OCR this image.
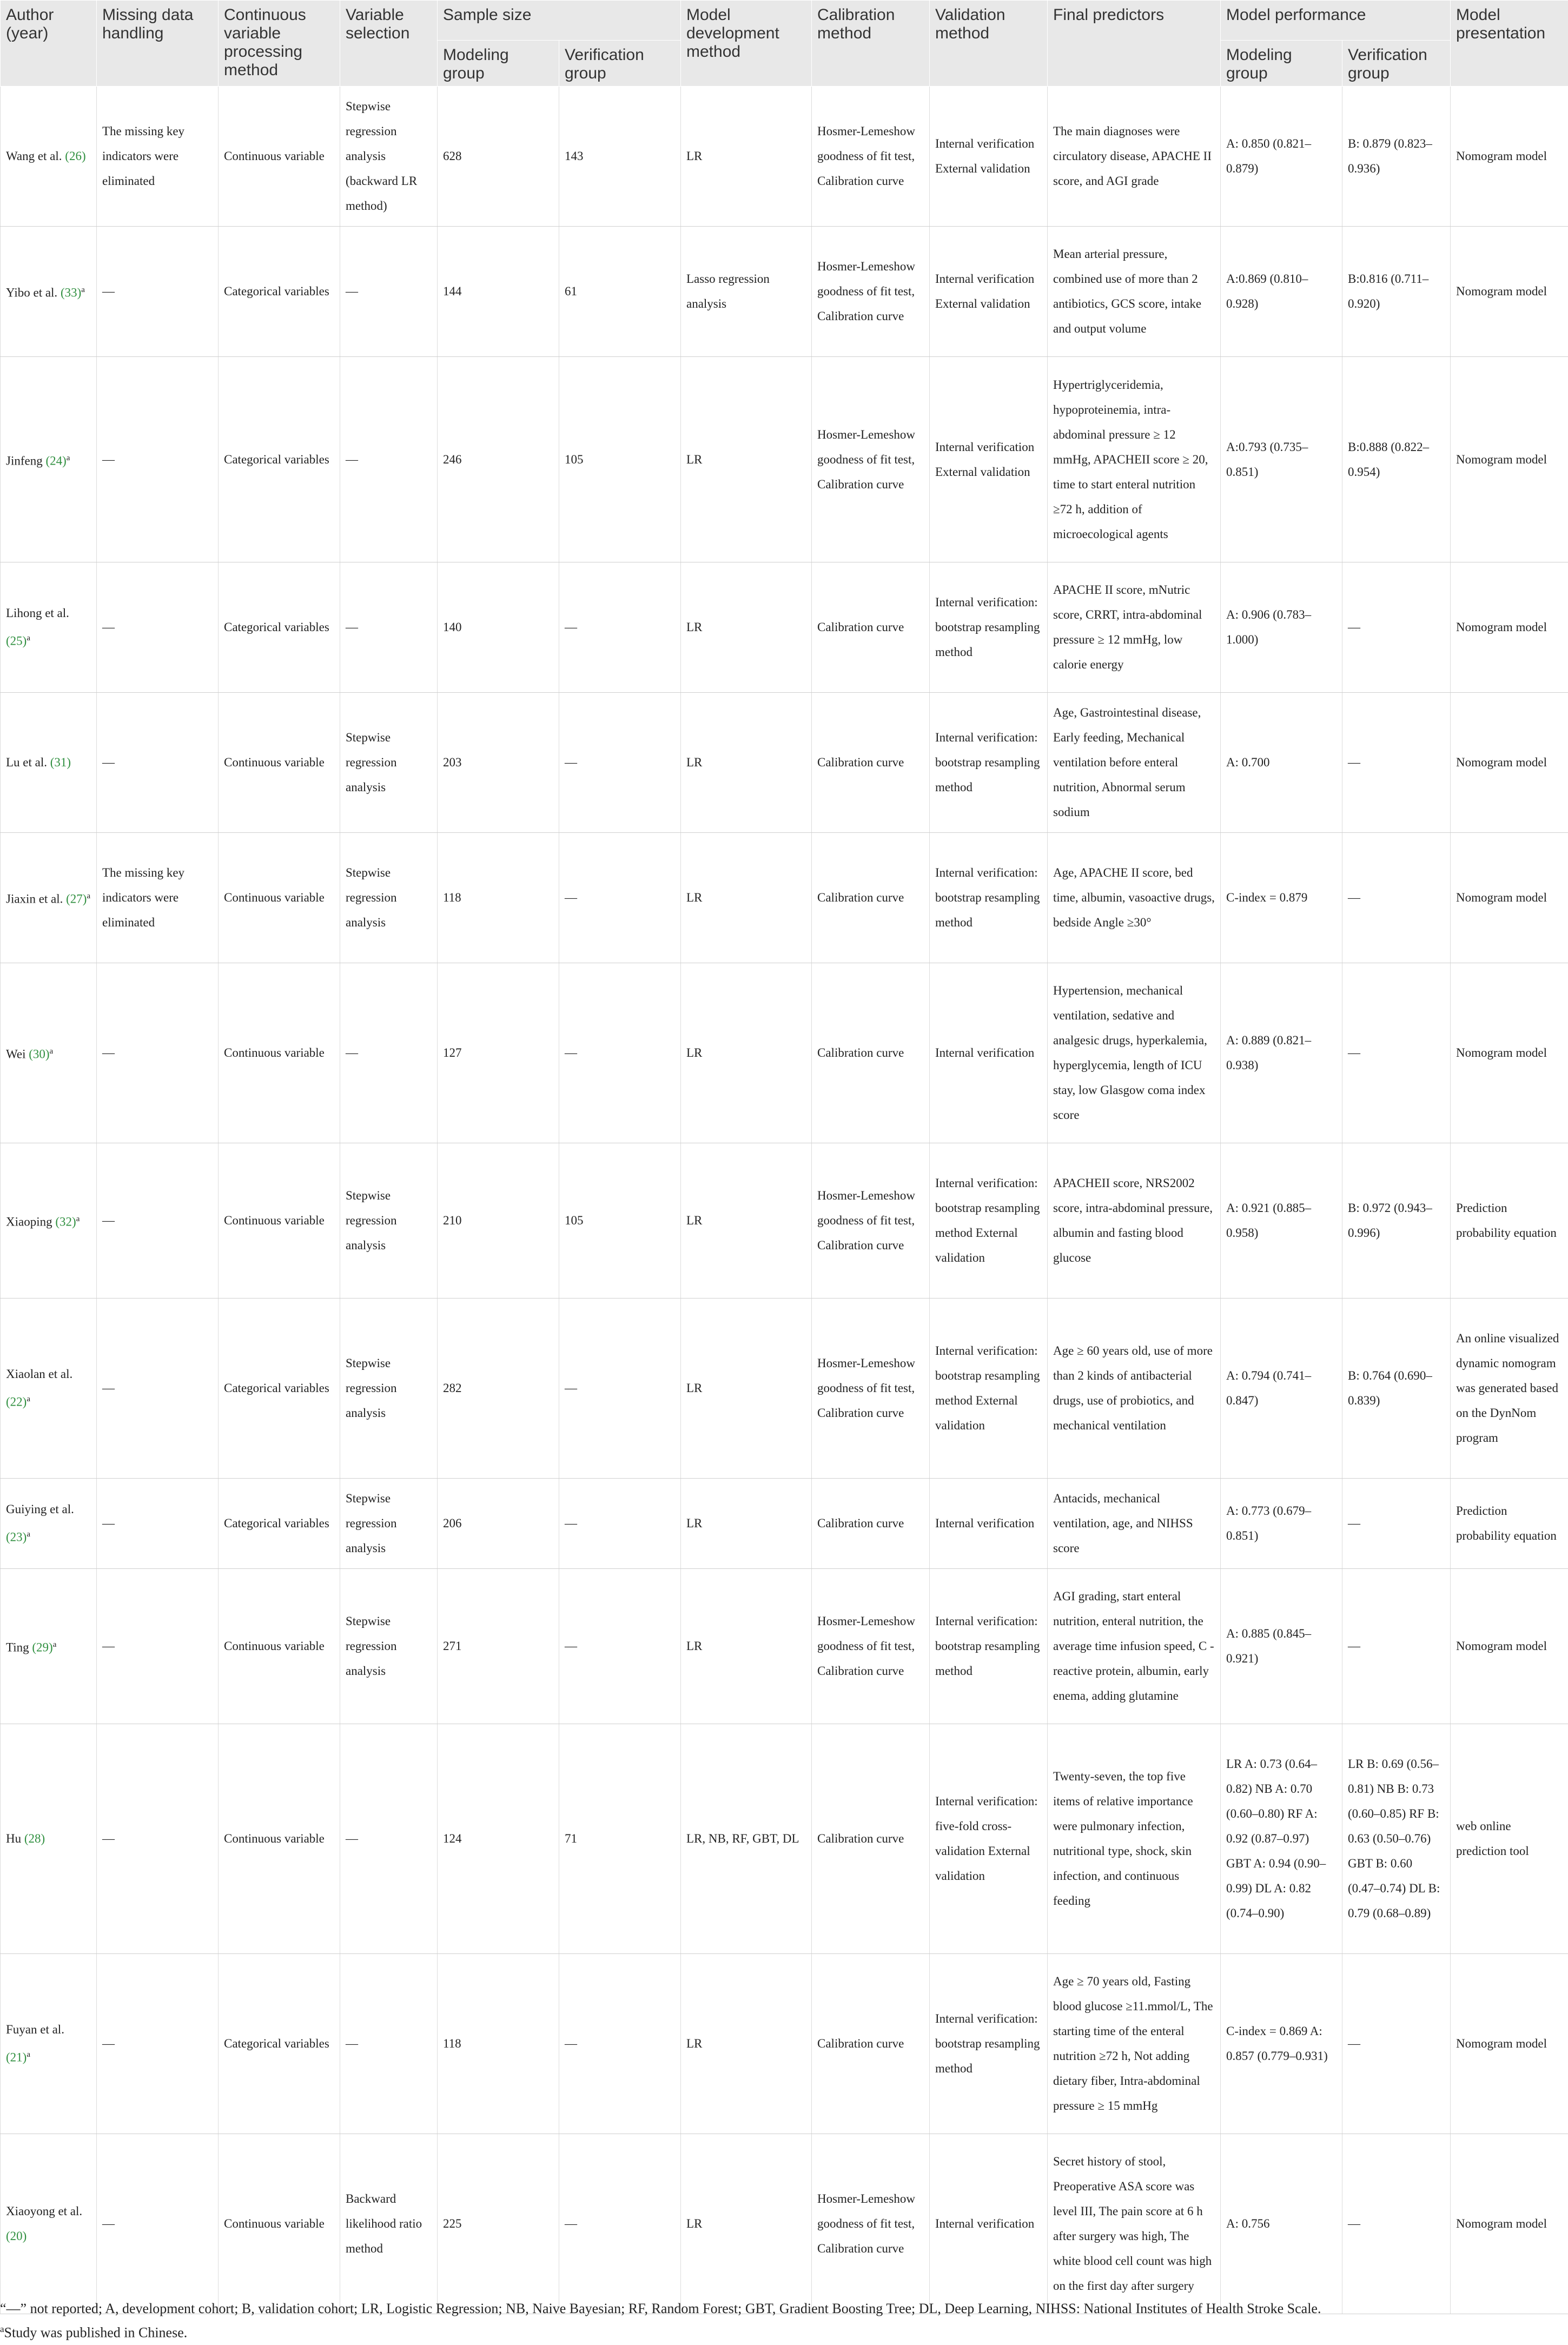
Author (year)	Missing data handling	Continuous variable processing method	Variable selection	Sample size		Model development method	Calibration method	Validation method	Final predictors	Model performance		Model presentation
				Modeling group	Verification group					Modeling group	Verification group	
Wang et al. (26)	The missing key indicators were eliminated	Continuous variable	Stepwise regression analysis (backward LR method)	628	143	LR	Hosmer-Lemeshow goodness of fit test, Calibration curve	Internal verification External validation	The main diagnoses were circulatory disease, APACHE II score, and AGI grade	A: 0.850 (0.821–0.879)	B: 0.879 (0.823–0.936)	Nomogram model
Yibo et al. $(33)^a$	—	Categorical variables	—	144	61	Lasso regression analysis	Hosmer-Lemeshow goodness of fit test, Calibration curve	Internal verification External validation	Mean arterial pressure, combined use of more than 2 antibiotics, GCS score, intake and output volume	A:0.869 (0.810–0.928)	B:0.816 (0.711–0.920)	Nomogram model
Jinfeng $(24)^a$	—	Categorical variables	—	246	105	LR	Hosmer-Lemeshow goodness of fit test, Calibration curve	Internal verification External validation	Hypertriglyceridemia, hypoproteinemia, intra-abdominal pressure ≥ 12 mmHg, APACHEII score ≥ 20, time to start enteral nutrition ≥72 h, addition of microecological agents	A:0.793 (0.735–0.851)	B:0.888 (0.822–0.954)	Nomogram model
Lihong et al. $(25)^a$	—	Categorical variables	—	140	—	LR	Calibration curve	Internal verification: bootstrap resampling method	APACHE II score, mNutric score, CRRT, intra-abdominal pressure ≥ 12 mmHg, low calorie energy	A: 0.906 (0.783–1.000)	—	Nomogram model
Lu et al. (31)	—	Continuous variable	Stepwise regression analysis	203	—	LR	Calibration curve	Internal verification: bootstrap resampling method	Age, Gastrointestinal disease, Early feeding, Mechanical ventilation before enteral nutrition, Abnormal serum sodium	A: 0.700	—	Nomogram model
Jiaxin et al. $(27)^a$	The missing key indicators were eliminated	Continuous variable	Stepwise regression analysis	118	—	LR	Calibration curve	Internal verification: bootstrap resampling method	Age, APACHE II score, bed time, albumin, vasoactive drugs, bedside Angle ≥30°	C-index = 0.879	—	Nomogram model
Wei $(30)^a$	—	Continuous variable	—	127	—	LR	Calibration curve	Internal verification	Hypertension, mechanical ventilation, sedative and analgesic drugs, hyperkalemia, hyperglycemia, length of ICU stay, low Glasgow coma index score	A: 0.889 (0.821–0.938)	—	Nomogram model
Xiaoping $(32)^a$	—	Continuous variable	Stepwise regression analysis	210	105	LR	Hosmer-Lemeshow goodness of fit test, Calibration curve	Internal verification: bootstrap resampling method External validation	APACHEII score, NRS2002 score, intra-abdominal pressure, albumin and fasting blood glucose	A: 0.921 (0.885–0.958)	B: 0.972 (0.943–0.996)	Prediction probability equation
Xiaolan et al. $(22)^a$	—	Categorical variables	Stepwise regression analysis	282	—	LR	Hosmer-Lemeshow goodness of fit test, Calibration curve	Internal verification: bootstrap resampling method External validation	Age ≥ 60 years old, use of more than 2 kinds of antibacterial drugs, use of probiotics, and mechanical ventilation	A: 0.794 (0.741–0.847)	B: 0.764 (0.690–0.839)	An online visualized dynamic nomogram was generated based on the DynNom program
Guiying et al. $(23)^a$	—	Categorical variables	Stepwise regression analysis	206	—	LR	Calibration curve	Internal verification	Antacids, mechanical ventilation, age, and NIHSS score	A: 0.773 (0.679–0.851)	—	Prediction probability equation
Ting $(29)^a$	—	Continuous variable	Stepwise regression analysis	271	—	LR	Hosmer-Lemeshow goodness of fit test, Calibration curve	Internal verification: bootstrap resampling method	AGI grading, start enteral nutrition, enteral nutrition, the average time infusion speed, C - reactive protein, albumin, early enema, adding glutamine	A: 0.885 (0.845–0.921)	—	Nomogram model
Hu (28)	—	Continuous variable	—	124	71	LR, NB, RF, GBT, DL	Calibration curve	Internal verification: five-fold cross-validation External validation	Twenty-seven, the top five items of relative importance were pulmonary infection, nutritional type, shock, skin infection, and continuous feeding	LR A: 0.73 (0.64–0.82) NB A: 0.70 (0.60–0.80) RF A: 0.92 (0.87–0.97) GBT A: 0.94 (0.90–0.99) DL A: 0.82 (0.74–0.90)	LR B: 0.69 (0.56–0.81) NB B: 0.73 (0.60–0.85) RF B: 0.63 (0.50–0.76) GBT B: 0.60 (0.47–0.74) DL B: 0.79 (0.68–0.89)	web online prediction tool
Fuyan et al. $(21)^a$	—	Categorical variables	—	118	—	LR	Calibration curve	Internal verification: bootstrap resampling method	Age ≥ 70 years old, Fasting blood glucose ≥11.mmol/L, The starting time of the enteral nutrition ≥72 h, Not adding dietary fiber, Intra-abdominal pressure ≥ 15 mmHg	C-index = 0.869 A: 0.857 (0.779–0.931)	—	Nomogram model
Xiaoyong et al. (20)	—	Continuous variable	Backward likelihood ratio method	225	—	LR	Hosmer-Lemeshow goodness of fit test, Calibration curve	Internal verification	Secret history of stool, Preoperative ASA score was level III, The pain score at 6 h after surgery was high, The white blood cell count was high on the first day after surgery	A: 0.756	—	Nomogram model
“—” not reported; A, development cohort; B, validation cohort; LR, Logistic Regression; NB, Naive Bayesian; RF, Random Forest; GBT, Gradient Boosting Tree; DL, Deep Learning, NIHSS: National Institutes of Health Stroke Scale.
$^a$Study was published in Chinese.
